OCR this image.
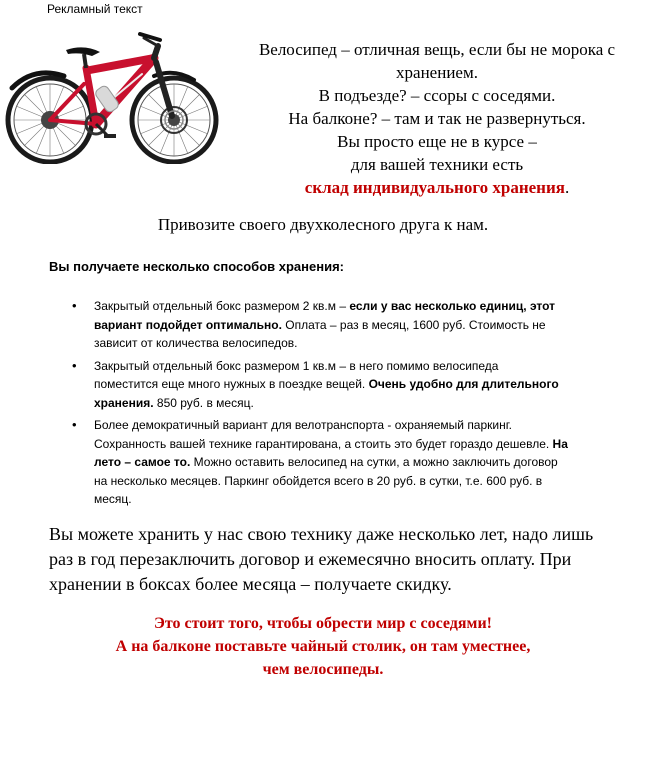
Рекламный текст
Велосипед – отличная вещь, если бы не морока с
хранением.
В подъезде? – ссоры с соседями.
На балконе? – там и так не развернуться.
Вы просто еще не в курсе –
для вашей техники есть
склад индивидуального хранения.
Привозите своего двухколесного друга к нам.
Вы получаете несколько способов хранения:
• Закрытый отдельный бокс размером 2 кв.м – если у вас несколько единиц, этот
вариант подойдет оптимально. Оплата – раз в месяц, 1600 руб. Стоимость не
зависит от количества велосипедов.
• Закрытый отдельный бокс размером 1 кв.м – в него помимо велосипеда
поместится еще много нужных в поездке вещей. Очень удобно для длительного
хранения. 850 руб. в месяц.
• Более демократичный вариант для велотранспорта - охраняемый паркинг.
Сохранность вашей технике гарантирована, а стоить это будет гораздо дешевле. На
лето – самое то. Можно оставить велосипед на сутки, а можно заключить договор
на несколько месяцев. Паркинг обойдется всего в 20 руб. в сутки, т.е. 600 руб. в
месяц.
Вы можете хранить у нас свою технику даже несколько лет, надо лишь
раз в год перезаключить договор и ежемесячно вносить оплату. При
хранении в боксах более месяца – получаете скидку.
Это стоит того, чтобы обрести мир с соседями!
А на балконе поставьте чайный столик, он там уместнее,
чем велосипеды.
